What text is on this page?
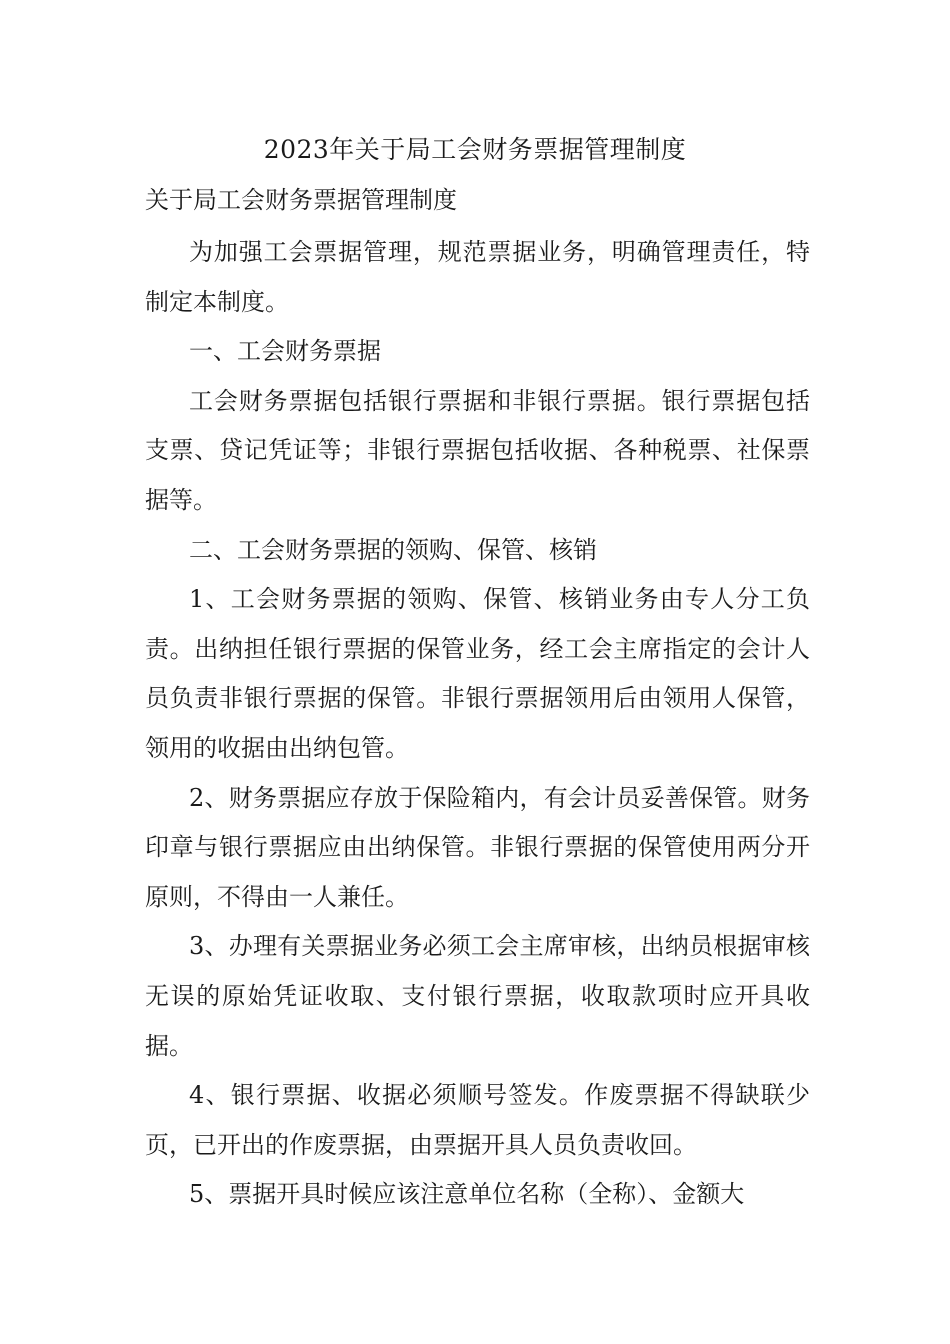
2023年关于局工会财务票据管理制度
关于局工会财务票据管理制度

为加强工会票据管理，规范票据业务，明确管理责任，特制定本制度。

一、工会财务票据

工会财务票据包括银行票据和非银行票据。银行票据包括支票、贷记凭证等；非银行票据包括收据、各种税票、社保票据等。

二、工会财务票据的领购、保管、核销

1、工会财务票据的领购、保管、核销业务由专人分工负责。出纳担任银行票据的保管业务，经工会主席指定的会计人员负责非银行票据的保管。非银行票据领用后由领用人保管，领用的收据由出纳包管。

2、财务票据应存放于保险箱内，有会计员妥善保管。财务印章与银行票据应由出纳保管。非银行票据的保管使用两分开原则，不得由一人兼任。

3、办理有关票据业务必须工会主席审核，出纳员根据审核无误的原始凭证收取、支付银行票据，收取款项时应开具收据。

4、银行票据、收据必须顺号签发。作废票据不得缺联少页，已开出的作废票据，由票据开具人员负责收回。

5、票据开具时候应该注意单位名称（全称）、金额大
